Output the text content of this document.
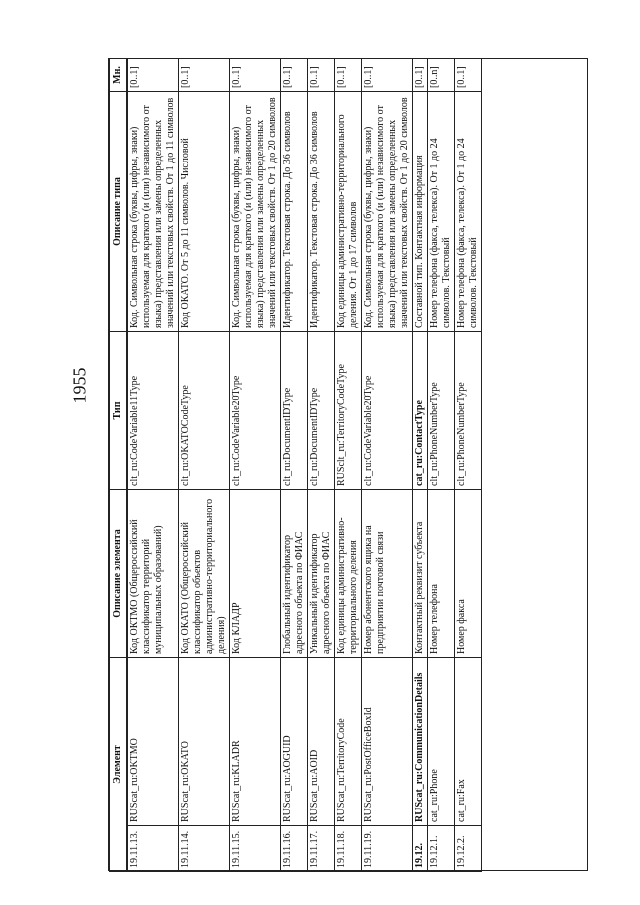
1955
Элемент		Описание элемента	Тип	Описание типа	Мн.
19.11.13.	RUScat_ru:OKTMO	Код ОКТМО (Общероссийский классификатор территорий муниципальных образований)	clt_ru:CodeVariable11Type	Код. Символьная строка (буквы, цифры, знаки) используемая для краткого (и (или) независимого от языка) представления или замены определенных значений или текстовых свойств. От 1 до 11 символов	[0..1]
19.11.14.	RUScat_ru:OKATO	Код ОКАТО (Общероссийский классификатор объектов административно-территориального деления)	clt_ru:OKATOCodeType	Код ОКАТО. От 5 до 11 символов. Числовой	[0..1]
19.11.15.	RUScat_ru:KLADR	Код КЛАДР	clt_ru:CodeVariable20Type	Код. Символьная строка (буквы, цифры, знаки) используемая для краткого (и (или) независимого от языка) представления или замены определенных значений или текстовых свойств. От 1 до 20 символов	[0..1]
19.11.16.	RUScat_ru:AOGUID	Глобальный идентификатор адресного объекта по ФИАС	clt_ru:DocumentIDType	Идентификатор. Текстовая строка. До 36 символов	[0..1]
19.11.17.	RUScat_ru:AOID	Уникальный идентификатор адресного объекта по ФИАС	clt_ru:DocumentIDType	Идентификатор. Текстовая строка. До 36 символов	[0..1]
19.11.18.	RUScat_ru:TerritoryCode	Код единицы административно-территориального деления	RUSclt_ru:TerritoryCodeType	Код единицы административно-территориального деления. От 1 до 17 символов	[0..1]
19.11.19.	RUScat_ru:PostOfficeBoxId	Номер абонентского ящика на предприятии почтовой связи	clt_ru:CodeVariable20Type	Код. Символьная строка (буквы, цифры, знаки) используемая для краткого (и (или) независимого от языка) представления или замены определенных значений или текстовых свойств. От 1 до 20 символов	[0..1]
19.12.	RUScat_ru:CommunicationDetails	Контактный реквизит субъекта	cat_ru:ContactType	Составной тип. Контактная информация	[0..1]
19.12.1.	cat_ru:Phone	Номер телефона	clt_ru:PhoneNumberType	Номер телефона (факса, телекса). От 1 до 24 символов. Текстовый	[0..n]
19.12.2.	cat_ru:Fax	Номер факса	clt_ru:PhoneNumberType	Номер телефона (факса, телекса). От 1 до 24 символов. Текстовый	[0..1]
